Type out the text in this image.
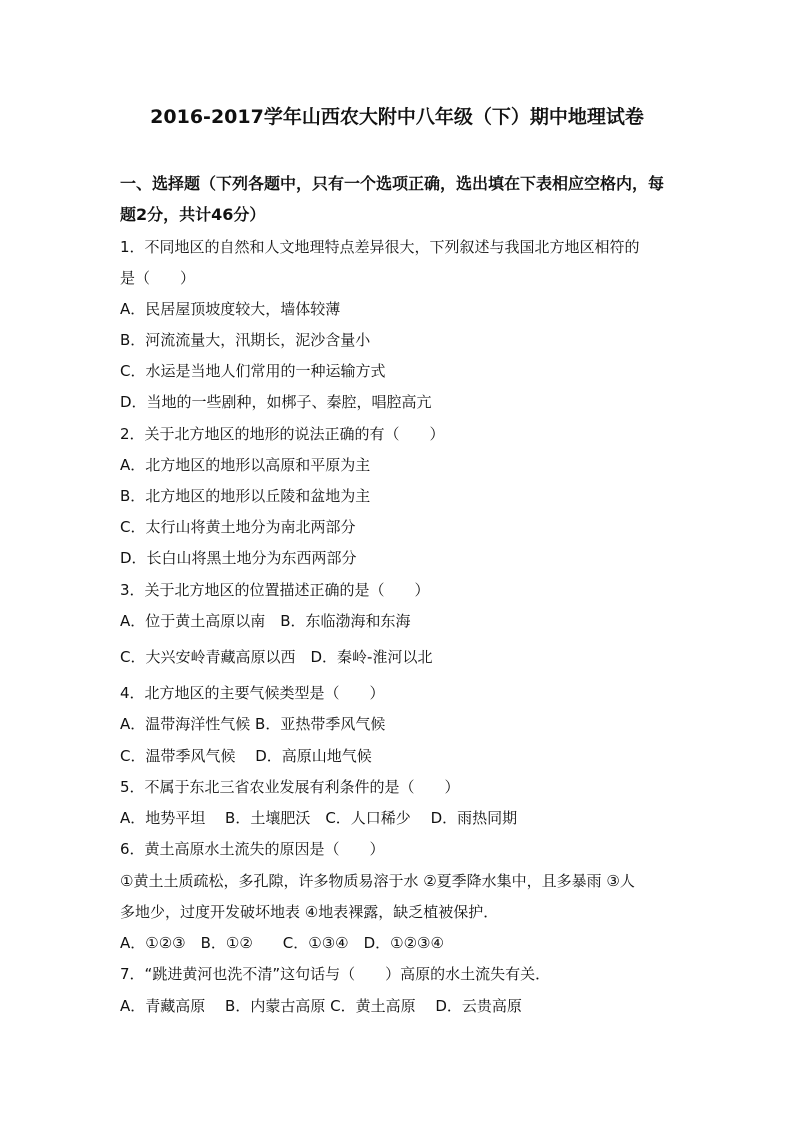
2016-2017学年山西农大附中八年级（下）期中地理试卷
一、选择题（下列各题中，只有一个选项正确，选出填在下表相应空格内，每
题2分，共计46分）
1．不同地区的自然和人文地理特点差异很大，下列叙述与我国北方地区相符的
是（　　）
A．民居屋顶坡度较大，墙体较薄
B．河流流量大，汛期长，泥沙含量小
C．水运是当地人们常用的一种运输方式
D．当地的一些剧种，如梆子、秦腔，唱腔高亢
2．关于北方地区的地形的说法正确的有（　　）
A．北方地区的地形以高原和平原为主
B．北方地区的地形以丘陵和盆地为主
C．太行山将黄土地分为南北两部分
D．长白山将黑土地分为东西两部分
3．关于北方地区的位置描述正确的是（　　）
A．位于黄土高原以南　B．东临渤海和东海
C．大兴安岭青藏高原以西　D．秦岭-淮河以北
4．北方地区的主要气候类型是（　　）
A．温带海洋性气候 B．亚热带季风气候
C．温带季风气候　 D．高原山地气候
5．不属于东北三省农业发展有利条件的是（　　）
A．地势平坦　 B．土壤肥沃　C．人口稀少　 D．雨热同期
6．黄土高原水土流失的原因是（　　）
①黄土土质疏松，多孔隙，许多物质易溶于水 ②夏季降水集中，且多暴雨 ③人
多地少，过度开发破坏地表 ④地表裸露，缺乏植被保护．
A．①②③　B．①②　　C．①③④　D．①②③④
7．“跳进黄河也洗不清”这句话与（　　）高原的水土流失有关．
A．青藏高原　 B．内蒙古高原 C．黄土高原　 D．云贵高原
